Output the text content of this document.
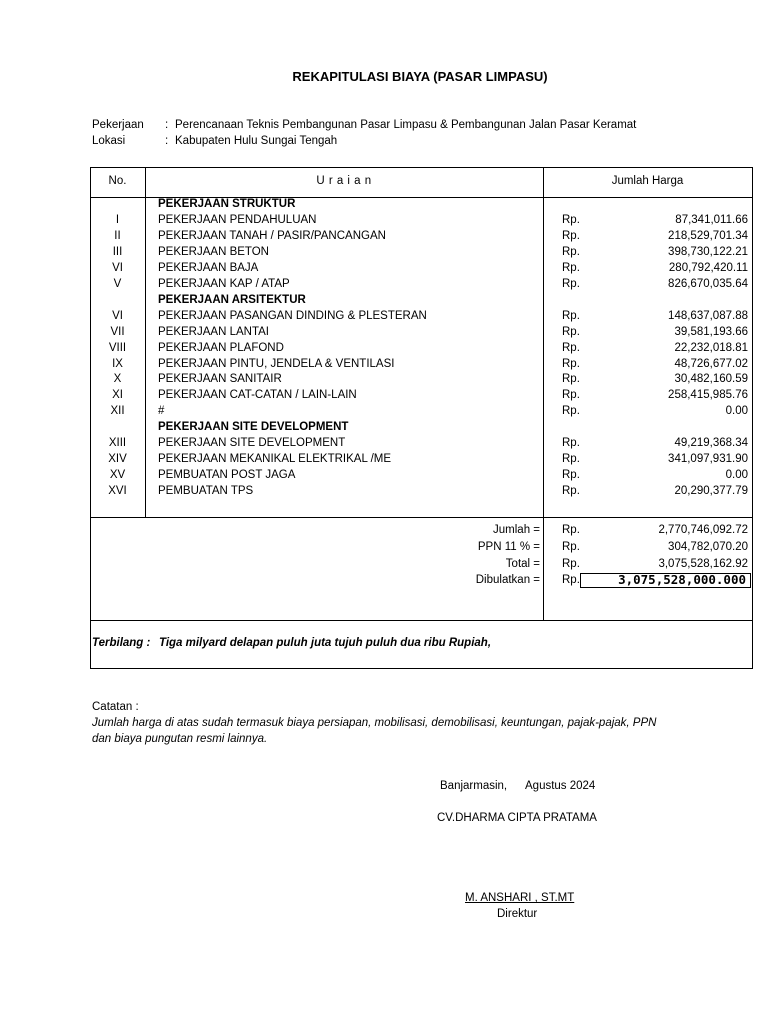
REKAPITULASI BIAYA (PASAR LIMPASU)
Pekerjaan : Perencanaan Teknis Pembangunan Pasar Limpasu & Pembangunan Jalan Pasar Keramat
Lokasi	: Kabupaten Hulu Sungai Tengah
No.	U r a i a n	Jumlah Harga
PEKERJAAN STRUKTUR
I	PEKERJAAN PENDAHULUAN	Rp.	87,341,011.66
II	PEKERJAAN TANAH / PASIR/PANCANGAN	Rp.	218,529,701.34
III	PEKERJAAN BETON	Rp.	398,730,122.21
VI	PEKERJAAN BAJA	Rp.	280,792,420.11
V	PEKERJAAN KAP / ATAP	Rp.	826,670,035.64
PEKERJAAN ARSITEKTUR
VI	PEKERJAAN PASANGAN DINDING & PLESTERAN	Rp.	148,637,087.88
VII	PEKERJAAN LANTAI	Rp.	39,581,193.66
VIII	PEKERJAAN PLAFOND	Rp.	22,232,018.81
IX	PEKERJAAN PINTU, JENDELA & VENTILASI	Rp.	48,726,677.02
X	PEKERJAAN SANITAIR	Rp.	30,482,160.59
XI	PEKERJAAN CAT-CATAN / LAIN-LAIN	Rp.	258,415,985.76
XII	#	Rp.	0.00
PEKERJAAN SITE DEVELOPMENT
XIII	PEKERJAAN SITE DEVELOPMENT	Rp.	49,219,368.34
XIV	PEKERJAAN MEKANIKAL ELEKTRIKAL /ME	Rp.	341,097,931.90
XV	PEMBUATAN POST JAGA	Rp.	0.00
XVI	PEMBUATAN TPS	Rp.	20,290,377.79
Jumlah = Rp.	2,770,746,092.72
PPN 11 % = Rp.	304,782,070.20
Total = Rp.	3,075,528,162.92
Dibulatkan = Rp.	3,075,528,000.000
Terbilang : Tiga milyard delapan puluh juta tujuh puluh dua ribu Rupiah,
Catatan :
Jumlah harga di atas sudah termasuk biaya persiapan, mobilisasi, demobilisasi, keuntungan, pajak-pajak, PPN
dan biaya pungutan resmi lainnya.
Banjarmasin, Agustus 2024
CV.DHARMA CIPTA PRATAMA
M. ANSHARI , ST.MT
Direktur
